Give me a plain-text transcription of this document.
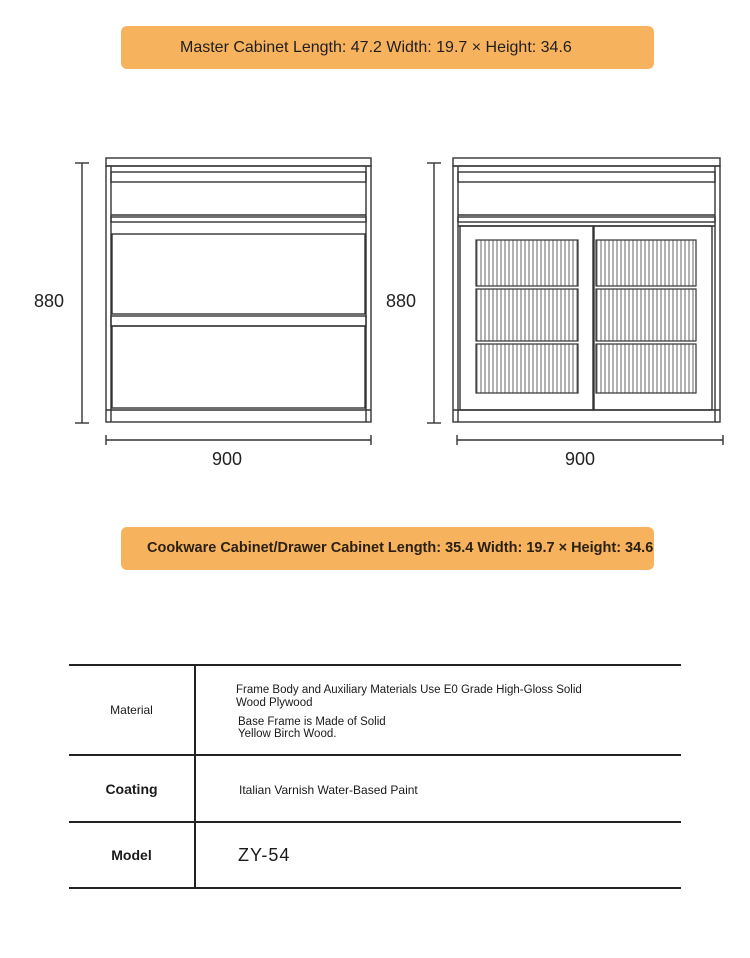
Master Cabinet Length: 47.2 Width: 19.7 × Height: 34.6
Cookware Cabinet/Drawer Cabinet Length: 35.4 Width: 19.7 × Height: 34.6
880
900
880
900
Material
Frame Body and Auxiliary Materials Use E0 Grade High-Gloss Solid
Wood Plywood
Base Frame is Made of Solid
Yellow Birch Wood.
Coating	Italian Varnish Water-Based Paint
Model	ZY-54
